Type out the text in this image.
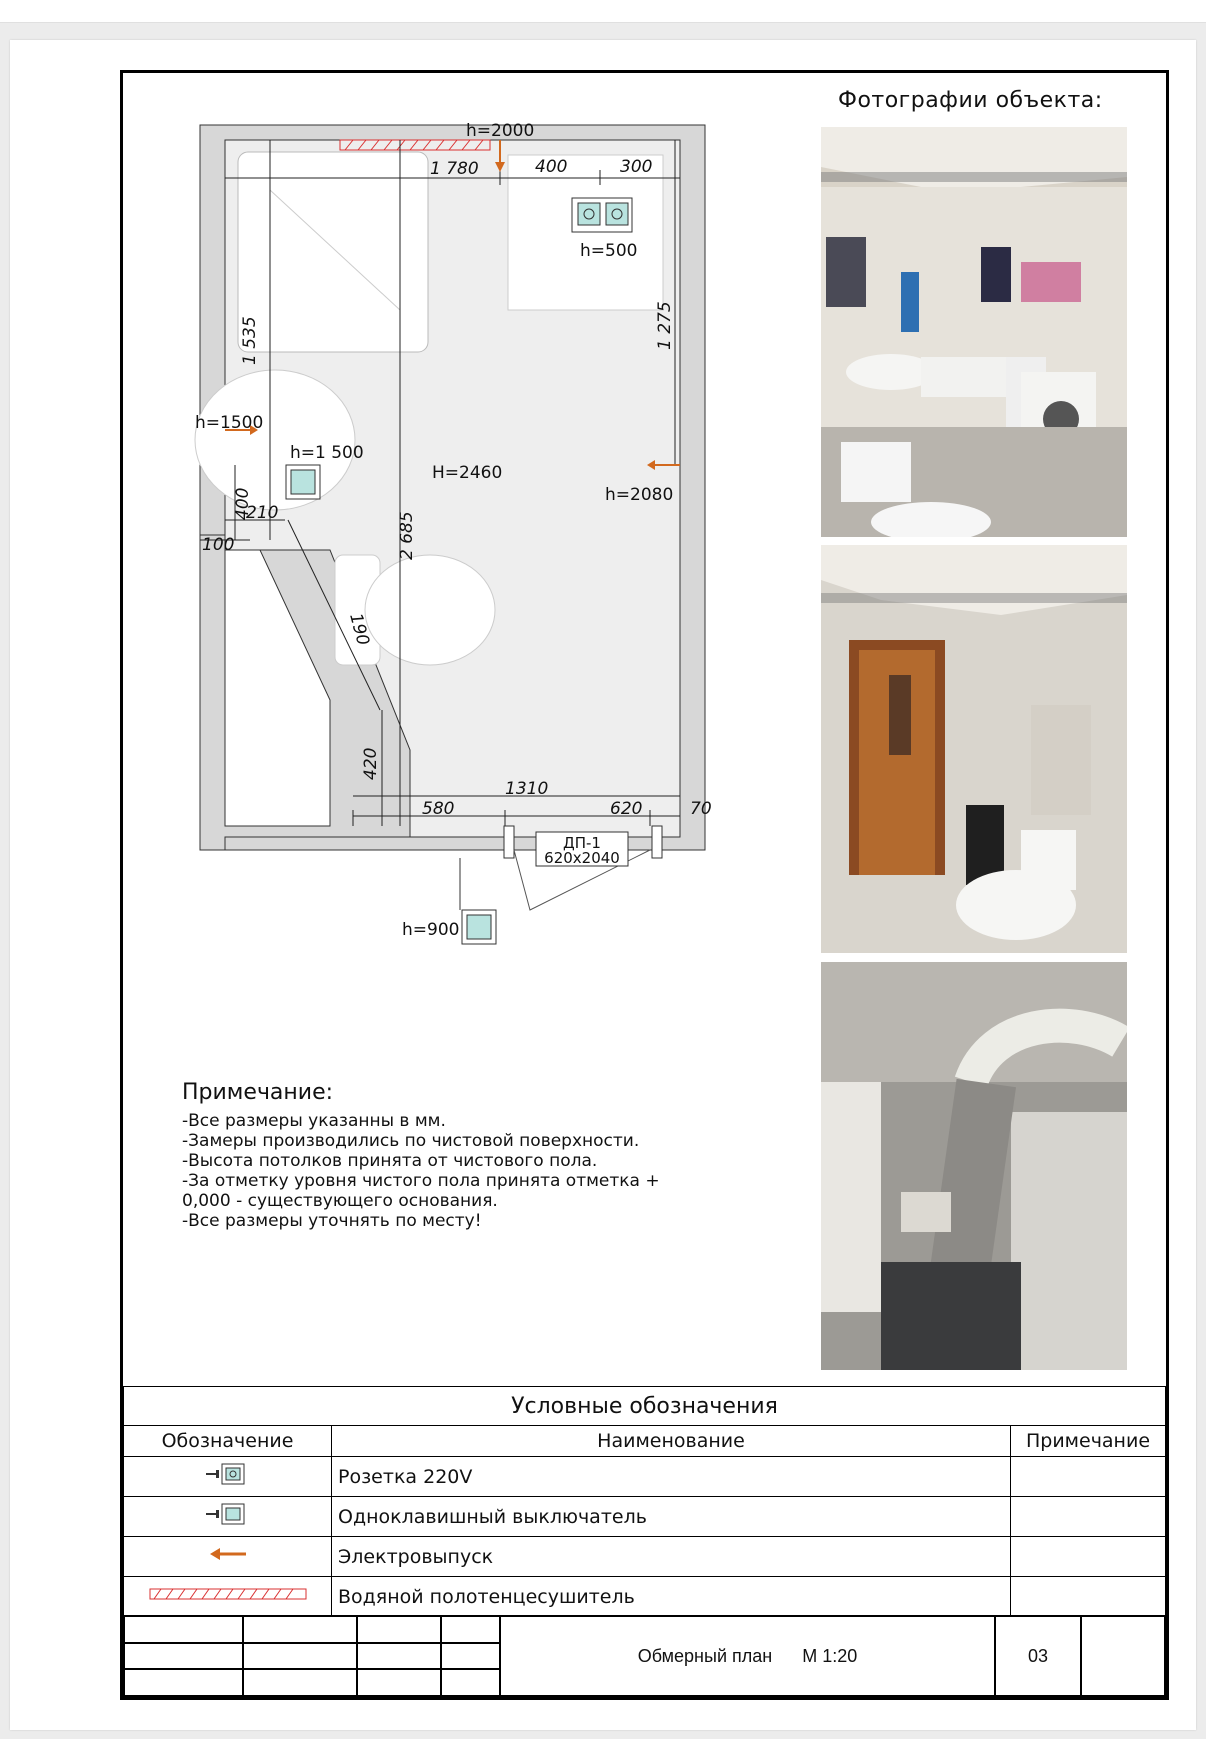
Фотографии объекта:
h=2000
1 780	400	300
h=500
1 535	1 275
h=1500
h=1 500
H=2460
h=2080
400
2 685
210
100
190
420
1310
580	620	70
ДП-1
620х2040
h=900
Примечание:
-Все размеры указанны в мм.
-Замеры производились по чистовой поверхности.
-Высота потолков принята от чистового пола.
-За отметку уровня чистого пола принята отметка +
0,000 - существующего основания.
-Все размеры уточнять по месту!
Условные обозначения		
Обозначение	Наименование	Примечание
	Розетка 220V	
	Одноклавишный выключатель	
	Электровыпуск	
	Водяной полотенцесушитель	
				Обмерный план М 1:20	03	
